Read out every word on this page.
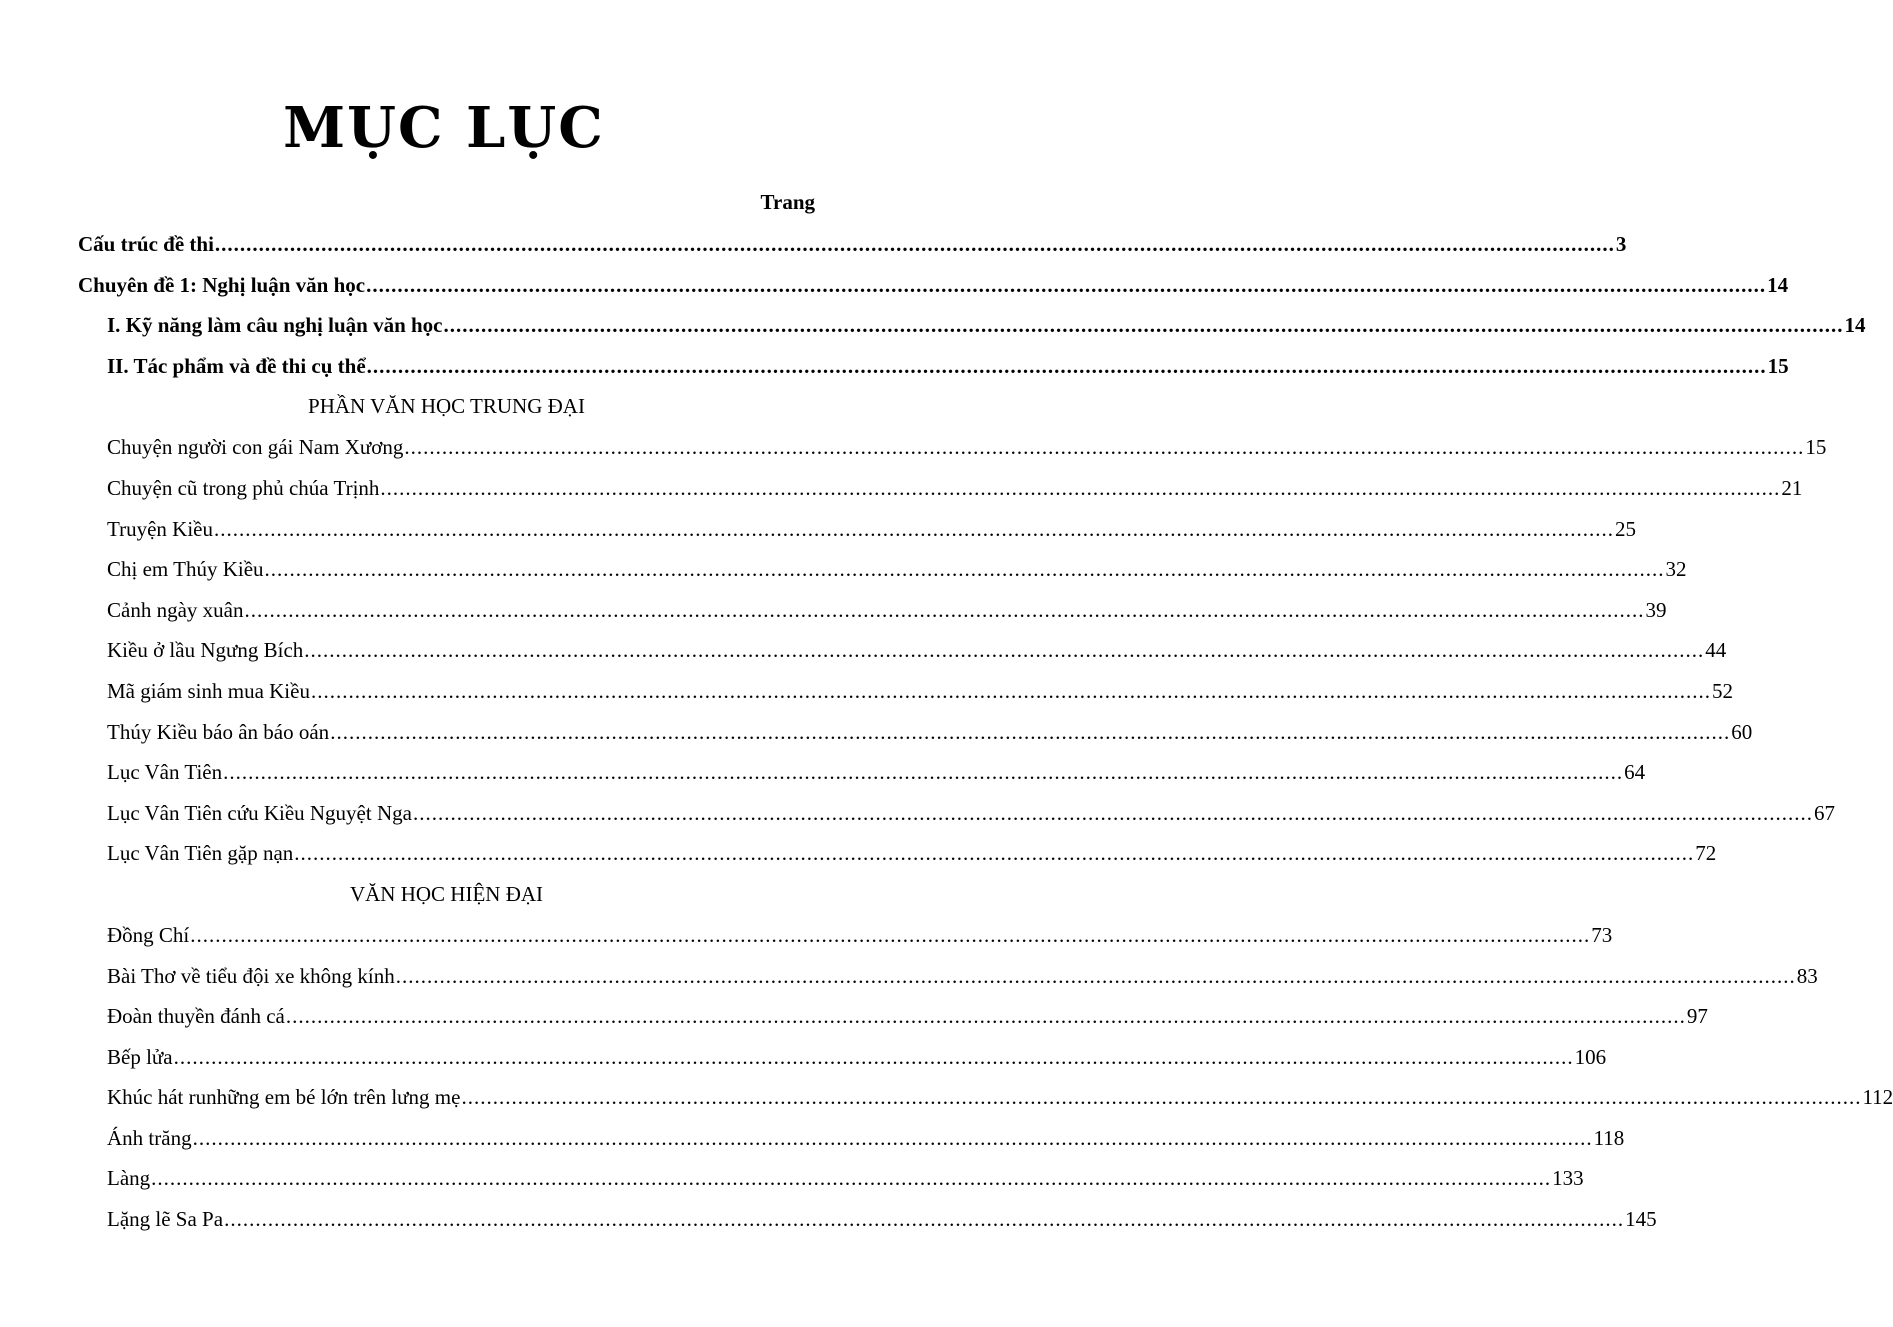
MỤC LỤC
Trang
Cấu trúc đề thi ................................................................................................................................................................................................................................ 3
Chuyên đề 1: Nghị luận văn học ................................................................................................................................................................................................................................ 14
I. Kỹ năng làm câu nghị luận văn học ................................................................................................................................................................................................................................ 14
II. Tác phẩm và đề thi cụ thể ................................................................................................................................................................................................................................ 15
PHẦN VĂN HỌC TRUNG ĐẠI
Chuyện người con gái Nam Xương ................................................................................................................................................................................................................................ 15
Chuyện cũ trong phủ chúa Trịnh ................................................................................................................................................................................................................................ 21
Truyện Kiều ................................................................................................................................................................................................................................ 25
Chị em Thúy Kiều ................................................................................................................................................................................................................................ 32
Cảnh ngày xuân ................................................................................................................................................................................................................................ 39
Kiều ở lầu Ngưng Bích ................................................................................................................................................................................................................................ 44
Mã giám sinh mua Kiều ................................................................................................................................................................................................................................ 52
Thúy Kiều báo ân báo oán ................................................................................................................................................................................................................................ 60
Lục Vân Tiên ................................................................................................................................................................................................................................ 64
Lục Vân Tiên cứu Kiều Nguyệt Nga ................................................................................................................................................................................................................................ 67
Lục Vân Tiên gặp nạn ................................................................................................................................................................................................................................ 72
VĂN HỌC HIỆN ĐẠI
Đồng Chí ................................................................................................................................................................................................................................ 73
Bài Thơ về tiểu đội xe không kính ................................................................................................................................................................................................................................ 83
Đoàn thuyền đánh cá ................................................................................................................................................................................................................................ 97
Bếp lửa ................................................................................................................................................................................................................................ 106
Khúc hát runhững em bé lớn trên lưng mẹ ................................................................................................................................................................................................................................ 112
Ánh trăng ................................................................................................................................................................................................................................ 118
Làng ................................................................................................................................................................................................................................ 133
Lặng lẽ Sa Pa ................................................................................................................................................................................................................................ 145
